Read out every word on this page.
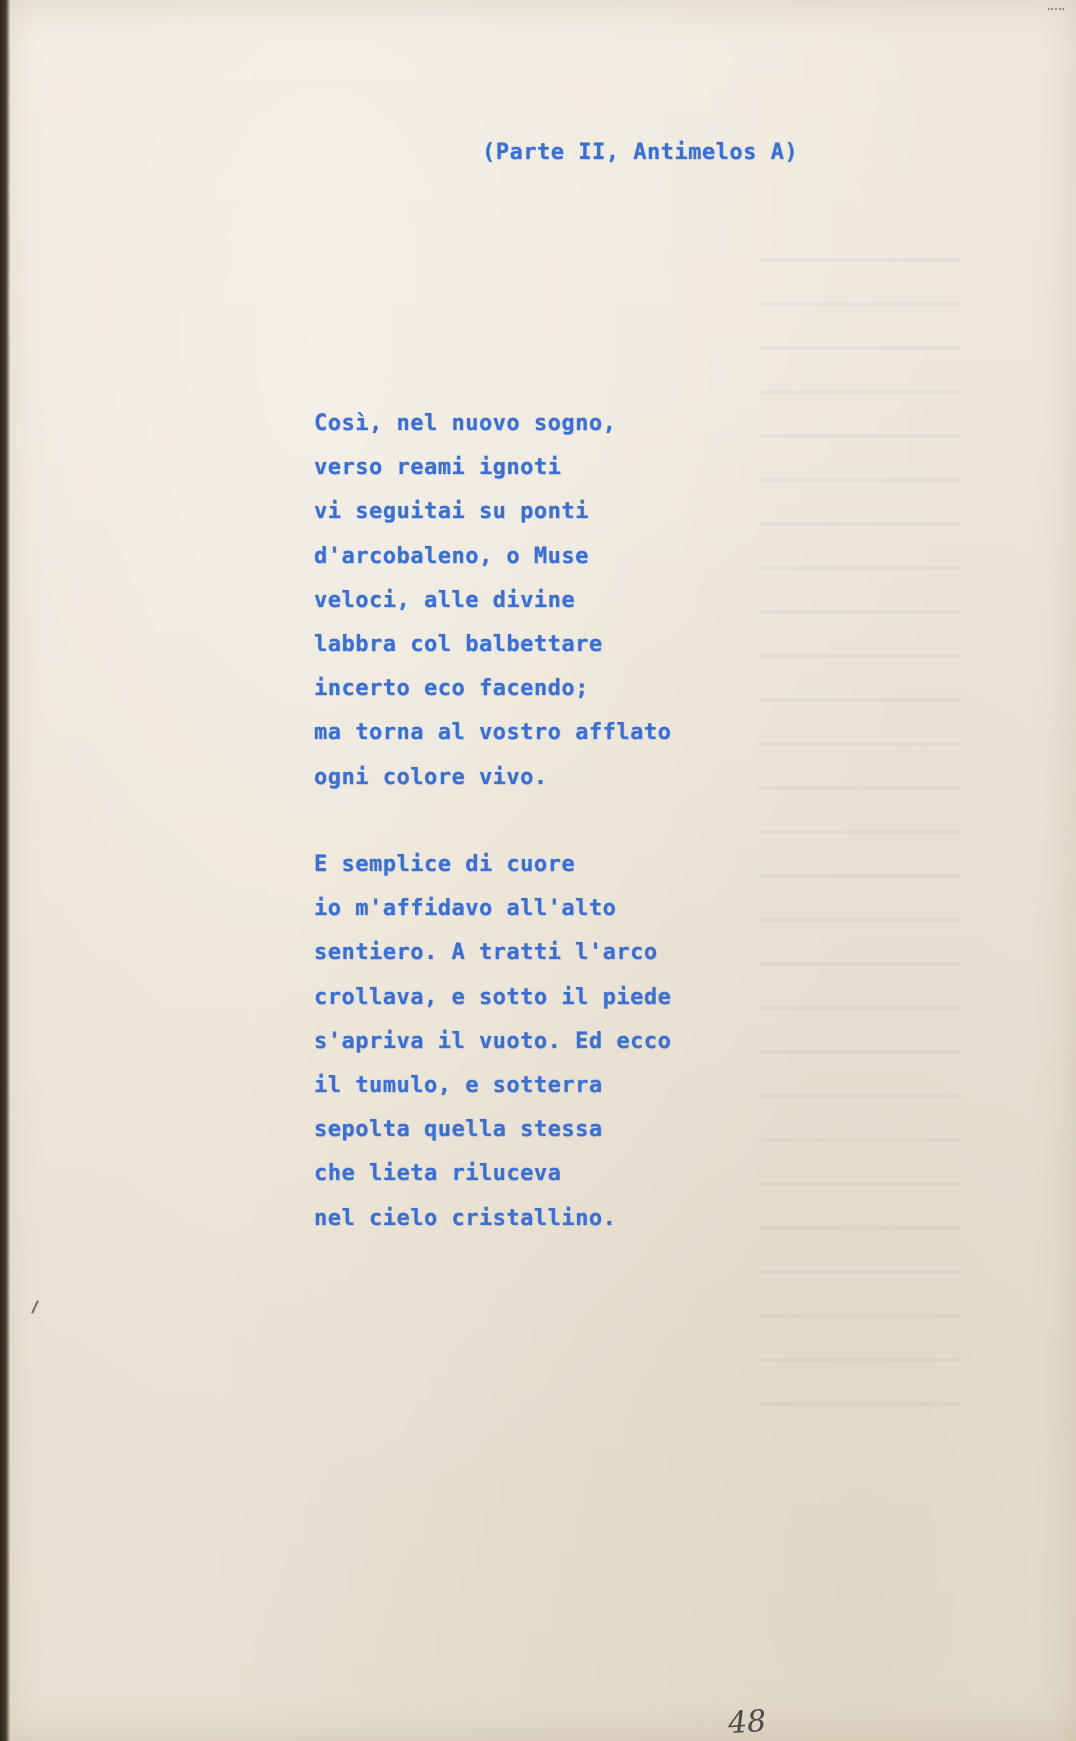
(Parte II, Antimelos A)
Così, nel nuovo sogno,
verso reami ignoti
vi seguitai su ponti
d'arcobaleno, o Muse
veloci, alle divine
labbra col balbettare
incerto eco facendo;
ma torna al vostro afflato
ogni colore vivo.
E semplice di cuore
io m'affidavo all'alto
sentiero. A tratti l'arco
crollava, e sotto il piede
s'apriva il vuoto. Ed ecco
il tumulo, e sotterra
sepolta quella stessa
che lieta riluceva
nel cielo cristallino.
48
